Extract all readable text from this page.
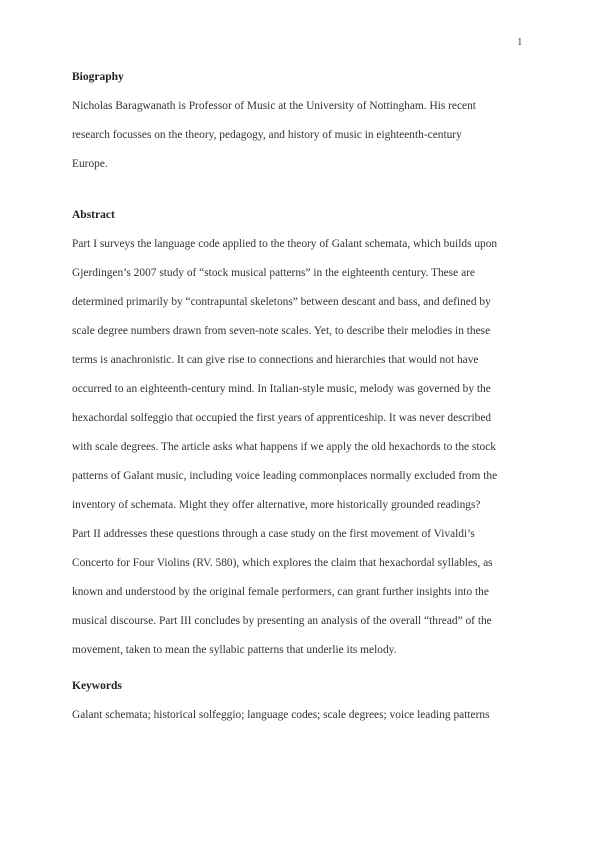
1
Biography
Nicholas Baragwanath is Professor of Music at the University of Nottingham. His recent
research focusses on the theory, pedagogy, and history of music in eighteenth-century
Europe.
Abstract
Part I surveys the language code applied to the theory of Galant schemata, which builds upon
Gjerdingen’s 2007 study of “stock musical patterns” in the eighteenth century. These are
determined primarily by “contrapuntal skeletons” between descant and bass, and defined by
scale degree numbers drawn from seven-note scales. Yet, to describe their melodies in these
terms is anachronistic. It can give rise to connections and hierarchies that would not have
occurred to an eighteenth-century mind. In Italian-style music, melody was governed by the
hexachordal solfeggio that occupied the first years of apprenticeship. It was never described
with scale degrees. The article asks what happens if we apply the old hexachords to the stock
patterns of Galant music, including voice leading commonplaces normally excluded from the
inventory of schemata. Might they offer alternative, more historically grounded readings?
Part II addresses these questions through a case study on the first movement of Vivaldi’s
Concerto for Four Violins (RV. 580), which explores the claim that hexachordal syllables, as
known and understood by the original female performers, can grant further insights into the
musical discourse. Part III concludes by presenting an analysis of the overall “thread” of the
movement, taken to mean the syllabic patterns that underlie its melody.
Keywords
Galant schemata; historical solfeggio; language codes; scale degrees; voice leading patterns
